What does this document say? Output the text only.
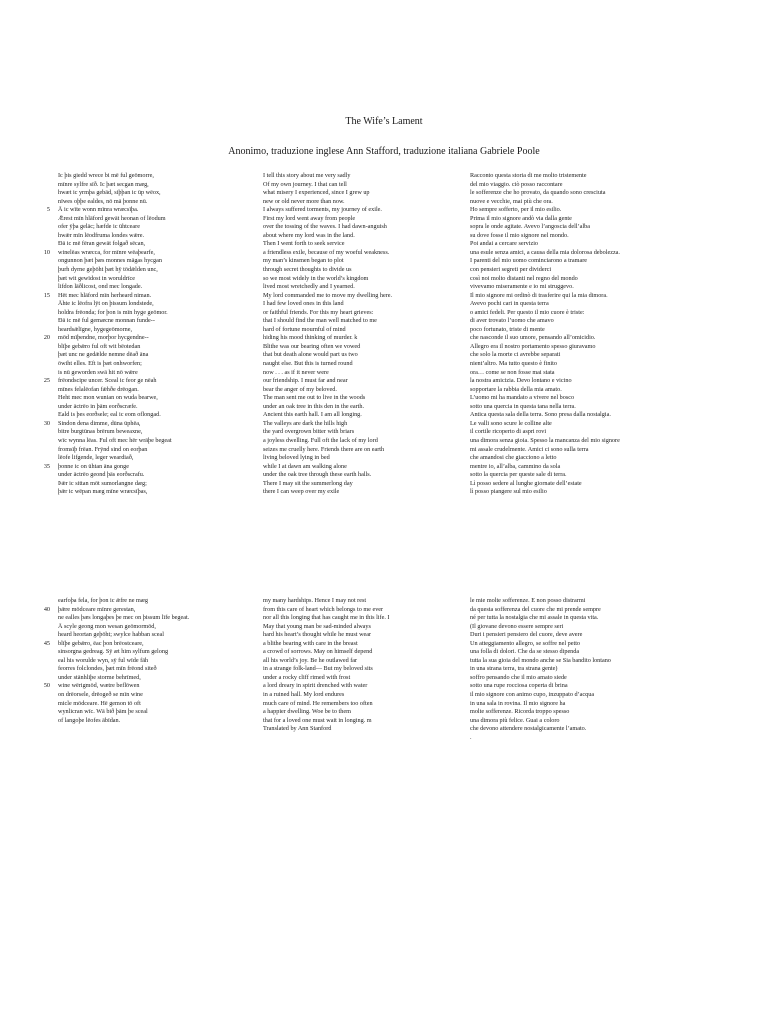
The Wife’s Lament
Anonimo, traduzione inglese Ann Stafford, traduzione italiana Gabriele Poole
5
10
15
20
25
30
35
Ic þis giedd wrece bi mē ful geōmorre,
mīnre sylfre sīð. Ic þæt secgan mæg,
hwæt ic yrmþa gebād, siþþan ic ūp wēox,
nīwes oþþe ealdes, nō mā þonne nū.
Ā ic wīte wonn mīnra wræcsīþa.
Ǣrest mīn hlāford gewāt heonan of lēodum
ofer ȳþa gelāc; hæfde ic ūhtceare
hwǣr mīn lēodfruma londes wǣre.
Ðā ic mē fēran gewāt folgað sēcan,
winelēas wræcca, for mīnre wēaþearfe,
ongunnon þæt þæs monnes māgas hycgan
þurh dyrne geþōht þæt hȳ tōdǣlden unc,
þæt wit gewīdost in woruldrīce
lifdon lāðlicost, ond mec longade.
Hēt mec hlāford mīn herheard niman.
Āhte ic lēofra lȳt on þissum londstede,
holdra frēonda; for þon is mīn hyge geōmor.
Ðā ic mē ful gemæcne monnan funde--
heardsǣlīgne, hygegeōmorne,
mōd mīþendne, morþor hycgendne--
blīþe gebǣro ful oft wit bēotedan
þæt unc ne gedǣlde nemne dēað āna
ōwiht elles. Eft is þæt onhworfen;
is nū geworden swā hit nō wǣre
frēondscipe uncer. Sceal ic feor ge nēah
mīnes felalēofan fǣhðe drēogan.
Heht mec mon wunian on wuda bearwe,
under āctrēo in þām eorðscræfe.
Eald is þes eorðsele; eal ic eom oflongad.
Sindon dena dimme, dūna ūphēa,
bitre burgtūnas brērum beweaxne,
wīc wynna lēas. Ful oft mec hēr wrāþe begeat
fromsīþ frēan. Frȳnd sind on eorþan
lēofe lifgende, leger weardiað,
þonne ic on ūhtan āna gonge
under āctrēo geond þās eorðscrafu.
Þǣr ic sittan mōt sumorlangne dæg;
þǣr ic wēpan mæg mīne wræcsīþas,
I tell this story about me very sadly
Of my own journey. I that can tell
what misery I experienced, since I grew up
new or old never more than now.
I always suffered torments, my journey of exile.
First my lord went away from people
over the tossing of the waves. I had dawn-anguish
about where my lord was in the land.
Then I went forth to seek service
a friendless exile, because of my woeful weakness.
my man’s kinsmen began to plot
through secret thoughts to divide us
so we most widely in the world’s kingdom
lived most wretchedly and I yearned.
My lord commanded me to move my dwelling here.
I had few loved ones in this land
or faithful friends. For this my heart grieves:
that I should find the man well matched to me
hard of fortune mournful of mind
hiding his mood thinking of murder. k
Blithe was our bearing often we vowed
that but death alone would part us two
naught else. But this is turned round
now . . . as if it never were
our friendship. I must far and near
bear the anger of my beloved.
The man sent me out to live in the woods
under an oak tree in this den in the earth.
Ancient this earth hall. I am all longing.
The valleys are dark the hills high
the yard overgrown bitter with briars
a joyless dwelling. Full oft the lack of my lord
seizes me cruelly here. Friends there are on earth
living beloved lying in bed
while I at dawn am walking alone
under the oak tree through these earth halls.
There I may sit the summerlong day
there I can weep over my exile
Racconto questa storia di me molto tristemente
del mio viaggio. ciò posso raccontare
le sofferenze che ho provato, da quando sono cresciuta
nuove e vecchie, mai più che ora.
Ho sempre sofferto, per il mio esilio.
Prima il mio signore andò via dalla gente
sopra le onde agitate. Avevo l’angoscia dell’alba
su dove fosse il mio signore nel mondo.
Poi andai a cercare servizio
una esule senza amici, a causa della mia dolorosa debolezza.
I parenti del mio uomo cominciarono a tramare
con pensieri segreti per dividerci
così noi molto distanti nel regno del mondo
vivevamo miseramente e io mi struggevo.
Il mio signore mi ordinò di trasferire qui la mia dimora.
Avevo pochi cari in questa terra
o amici fedeli. Per questo il mio cuore è triste:
di aver trovato l’uomo che amavo
poco fortunato, triste di mente
che nasconde il suo umore, pensando all’omicidio.
Allegro era il nostro portamento spesso giuravamo
che solo la morte ci avrebbe separati
nient’altro. Ma tutto questo è finito
ora… come se non fosse mai stata
la nostra amicizia. Devo lontano e vicino
sopportare la rabbia della mia amato.
L’uomo mi ha mandato a vivere nel bosco
sotto una quercia in questa tana nella terra.
Antica questa sala della terra. Sono presa dalla nostalgia.
Le valli sono scure le colline alte
il cortile ricoperto di aspri rovi
una dimora senza gioia. Spesso la mancanza del mio signore
mi assale crudelmente. Amici ci sono sulla terra
che amandosi che giacciono a letto
mentre io, all’alba, cammino da sola
sotto la quercia per queste sale di terra.
Lì posso sedere al lunghe giornate dell’estate
lì posso piangere sul mio esilio
40
45
50
earfoþa fela, for þon ic ǣfre ne mæg
þǣre mōdceare mīnre gerestan,
ne ealles þæs longaþes þe mec on þissum līfe begeat.
Ā scyle geong mon wesan geōmormōd,
heard heortan geþōht; swylce habban sceal
blīþe gebǣro, ēac þon brēostceare,
sinsorgna gedreag. Sȳ æt him sylfum gelong
eal his worulde wyn, sȳ ful wīde fāh
feorres folclondes, þæt mīn frēond siteð
under stānhliþe storme behrīmed,
wine wērigmōd, wætre beflōwen
on drēorsele, drēogeð se mīn wine
micle mōdceare. Hē gemon tō oft
wynlicran wīc. Wā bið þām þe sceal
of langoþe lēofes ābīdan.
my many hardships. Hence I may not rest
from this care of heart which belongs to me ever
nor all this longing that has caught me in this life. I
May that young man be sad-minded always
hard his heart’s thought while he must wear
a blithe bearing with care in the breast
a crowd of sorrows. May on himself depend
all his world’s joy. Be he outlawed far
in a strange folk-land— But my beloved sits
under a rocky cliff rimed with frost
a lord dreary in spirit drenched with water
in a ruined hall. My lord endures
much care of mind. He remembers too often
a happier dwelling. Woe be to them
that for a loved one must wait in longing. m
Translated by Ann Stanford
le mie molte sofferenze. E non posso distrarmi
da questa sofferenza del cuore che mi prende sempre
né per tutta la nostalgia che mi assale in questa vita.
(Il giovane devono essere sempre seri
Duri i pensieri pensiero del cuore, deve avere
Un atteggiamento allegro, se soffre nel petto
una folla di dolori. Che da se stesso dipenda
tutta la sua gioia del mondo anche se Sia bandito lontano
in una strana terra, tra strana gente)
soffro pensando che il mio amato siede
sotto una rupe rocciosa coperta di brina
il mio signore con animo cupo, inzuppato d’acqua
in una sala in rovina. Il mio signore ha
molte sofferenze. Ricorda troppo spesso
una dimora più felice. Guai a coloro
che devono attendere nostalgicamente l’amato.
.
